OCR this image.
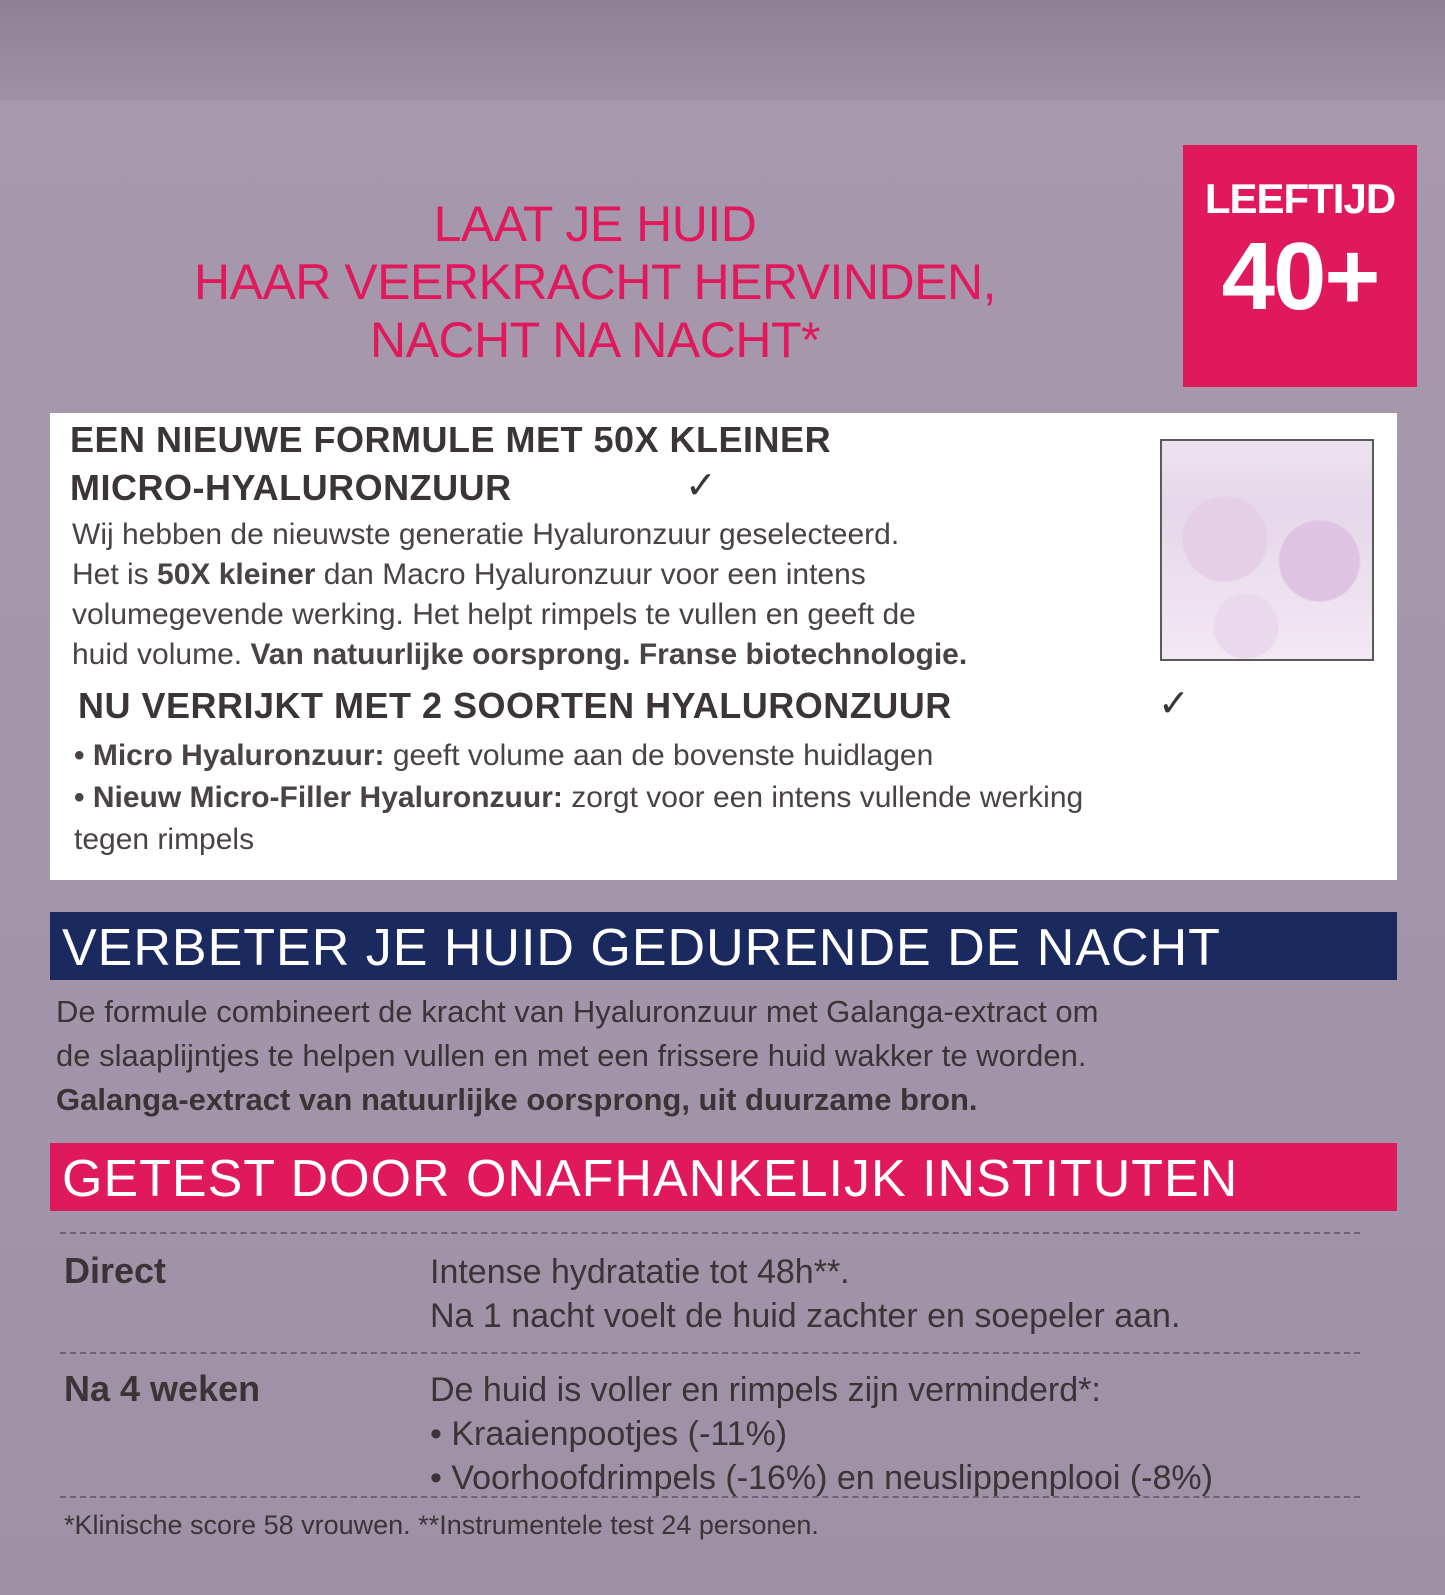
LAAT JE HUID
HAAR VEERKRACHT HERVINDEN,
NACHT NA NACHT*
LEEFTIJD
40+
EEN NIEUWE FORMULE MET 50X KLEINER
MICRO-HYALURONZUUR	✓
Wij hebben de nieuwste generatie Hyaluronzuur geselecteerd.
Het is 50X kleiner dan Macro Hyaluronzuur voor een intens
volumegevende werking. Het helpt rimpels te vullen en geeft de
huid volume. Van natuurlijke oorsprong. Franse biotechnologie.
NU VERRIJKT MET 2 SOORTEN HYALURONZUUR	✓
• Micro Hyaluronzuur: geeft volume aan de bovenste huidlagen
• Nieuw Micro-Filler Hyaluronzuur: zorgt voor een intens vullende werking
tegen rimpels
VERBETER JE HUID GEDURENDE DE NACHT
De formule combineert de kracht van Hyaluronzuur met Galanga-extract om
de slaaplijntjes te helpen vullen en met een frissere huid wakker te worden.
Galanga-extract van natuurlijke oorsprong, uit duurzame bron.
GETEST DOOR ONAFHANKELIJK INSTITUTEN
Direct	Intense hydratatie tot 48h**.
Na 1 nacht voelt de huid zachter en soepeler aan.
Na 4 weken	De huid is voller en rimpels zijn verminderd*:
• Kraaienpootjes (-11%)
• Voorhoofdrimpels (-16%) en neuslippenplooi (-8%)
*Klinische score 58 vrouwen. **Instrumentele test 24 personen.
